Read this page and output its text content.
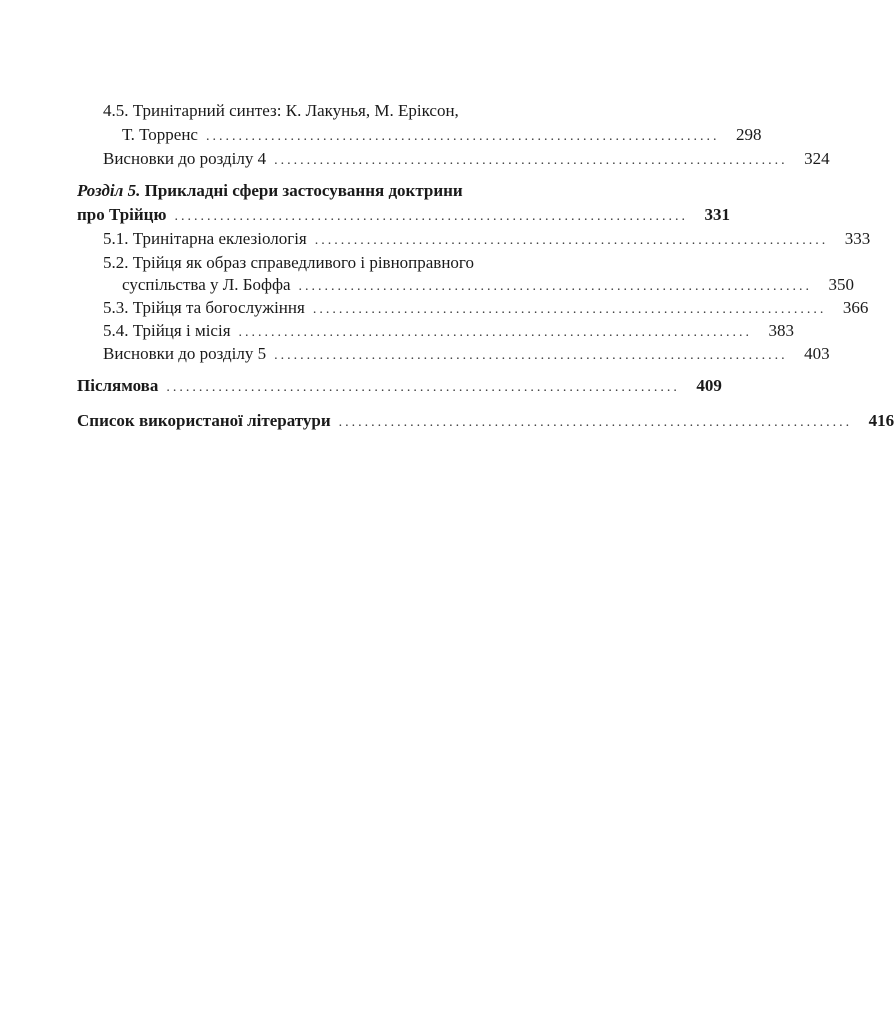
4.5. Тринітарний синтез: К. Лакунья, М. Еріксон,
Т. Торренс ............................................................................... 298
Висновки до розділу 4 ............................................................................... 324
Розділ 5. Прикладні сфери застосування доктрини
про Трійцю ............................................................................... 331
5.1. Тринітарна еклезіологія ............................................................................... 333
5.2. Трійця як образ справедливого і рівноправного
суспільства у Л. Боффа ............................................................................... 350
5.3. Трійця та богослужіння ............................................................................... 366
5.4. Трійця і місія ............................................................................... 383
Висновки до розділу 5 ............................................................................... 403
Післямова ............................................................................... 409
Список використаної літератури ............................................................................... 416
